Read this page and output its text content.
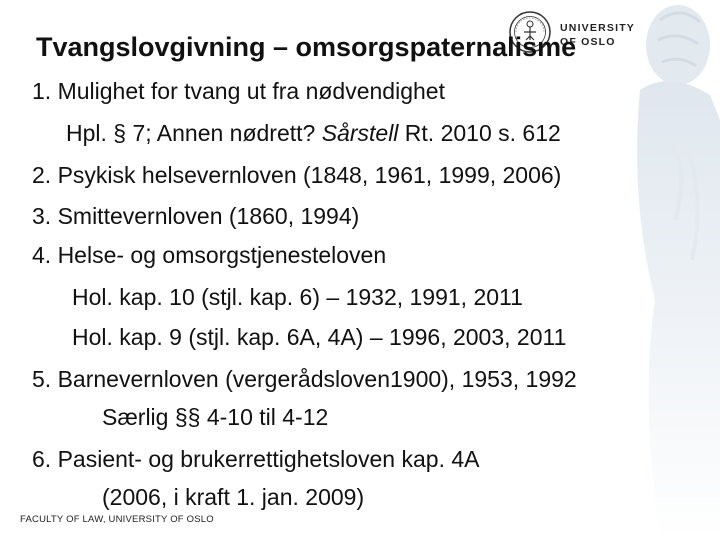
UNIVERSITY
OF OSLO
Tvangslovgivning – omsorgspaternalisme
1. Mulighet for tvang ut fra nødvendighet
Hpl. § 7; Annen nødrett? Sårstell Rt. 2010 s. 612
2. Psykisk helsevernloven (1848, 1961, 1999, 2006)
3. Smittevernloven (1860, 1994)
4. Helse- og omsorgstjenesteloven
Hol. kap. 10 (stjl. kap. 6) – 1932, 1991, 2011
Hol. kap. 9 (stjl. kap. 6A, 4A) – 1996, 2003, 2011
5. Barnevernloven (vergerådsloven1900), 1953, 1992
Særlig §§ 4-10 til 4-12
6. Pasient- og brukerrettighetsloven kap. 4A
(2006, i kraft 1. jan. 2009)
FACULTY OF LAW, UNIVERSITY OF OSLO
